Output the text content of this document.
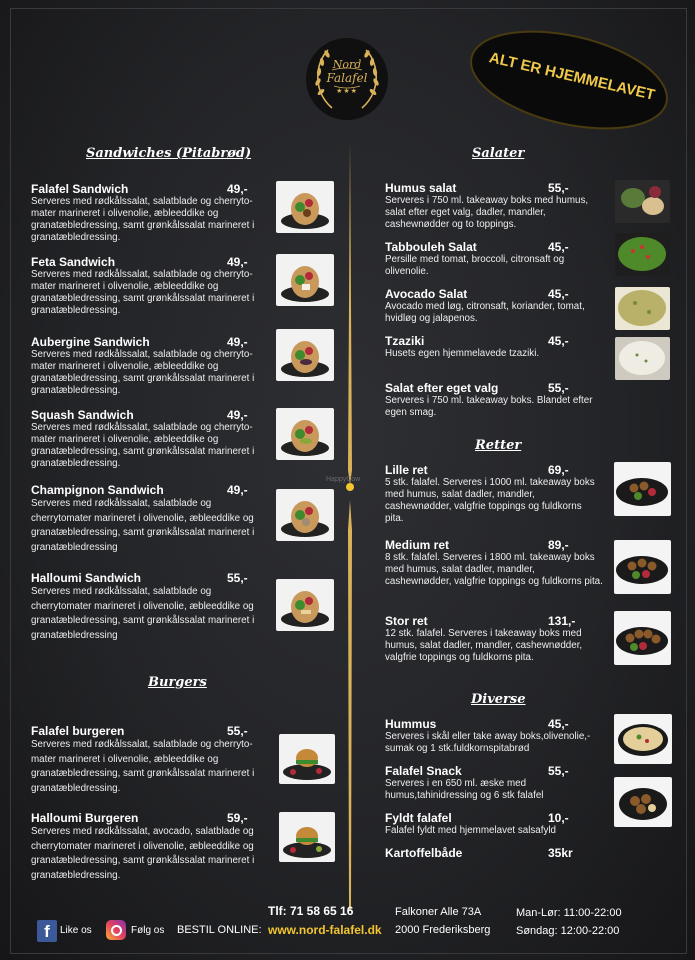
Nord
Falafel
★★★	ALT ER HJEMMELAVET
HappyCow
Sandwiches (Pitabrød)
Burgers
Salater
Retter
Diverse
Falafel Sandwich	49,-
Serveres med rødkålssalat, salatblade og cherryto-mater marineret i olivenolie, æbleeddike og granatæbledressing, samt grønkålssalat marineret i granatæbledressing.
Feta Sandwich	49,-
Serveres med rødkålssalat, salatblade og cherryto-mater marineret i olivenolie, æbleeddike og granatæbledressing, samt grønkålssalat marineret i granatæbledressing.
Aubergine Sandwich	49,-
Serveres med rødkålssalat, salatblade og cherryto-mater marineret i olivenolie, æbleeddike og granatæbledressing, samt grønkålssalat marineret i granatæbledressing.
Squash Sandwich	49,-
Serveres med rødkålssalat, salatblade og cherryto-mater marineret i olivenolie, æbleeddike og granatæbledressing, samt grønkålssalat marineret i granatæbledressing.
Champignon Sandwich	49,-
Serveres med rødkålssalat, salatblade og cherrytomater marineret i olivenolie, æbleeddike og granatæbledressing, samt grønkålssalat marineret i granatæbledressing
Halloumi Sandwich	55,-
Serveres med rødkålssalat, salatblade og cherrytomater marineret i olivenolie, æbleeddike og granatæbledressing, samt grønkålssalat marineret i granatæbledressing
Falafel burgeren	55,-
Serveres med rødkålssalat, salatblade og cherryto-mater marineret i olivenolie, æbleeddike og granatæbledressing, samt grønkålssalat marineret i granatæbledressing.
Halloumi Burgeren	59,-
Serveres med rødkålssalat, avocado, salatblade og cherrytomater marineret i olivenolie, æbleeddike og granatæbledressing, samt grønkålssalat marineret i granatæbledressing.
Humus salat	55,-
Serveres i 750 ml. takeaway boks med humus, salat efter eget valg, dadler, mandler, cashewnødder og to toppings.
Tabbouleh Salat	45,-
Persille med tomat, broccoli, citronsaft og olivenolie.
Avocado Salat	45,-
Avocado med løg, citronsaft, koriander, tomat, hvidløg og jalapenos.
Tzaziki	45,-
Husets egen hjemmelavede tzaziki.
Salat efter eget valg	55,-
Serveres i 750 ml. takeaway boks. Blandet efter egen smag.
Lille ret	69,-
5 stk. falafel. Serveres i 1000 ml. takeaway boks med humus, salat dadler, mandler, cashewnødder, valgfrie toppings og fuldkorns pita.
Medium ret	89,-
8 stk. falafel. Serveres i 1800 ml. takeaway boks med humus, salat dadler, mandler, cashewnødder, valgfrie toppings og fuldkorns pita.
Stor ret	131,-
12 stk. falafel. Serveres i takeaway boks med humus, salat dadler, mandler, cashewnødder, valgfrie toppings og fuldkorns pita.
Hummus	45,-
Serveres i skål eller take away boks,olivenolie,-sumak og 1 stk.fuldkornspitabrød
Falafel Snack	55,-
Serveres i en 650 ml. æske med humus,tahinidressing og 6 stk falafel
Fyldt falafel	10,-
Falafel fyldt med hjemmelavet salsafyld
Kartoffelbåde	35kr
Tlf: 71 58 65 16	Falkoner Alle 73A
2000 Frederiksberg
Man-Lør: 11:00-22:00
Søndag: 12:00-22:00
f	Like os	Følg os BESTIL ONLINE: www.nord-falafel.dk
